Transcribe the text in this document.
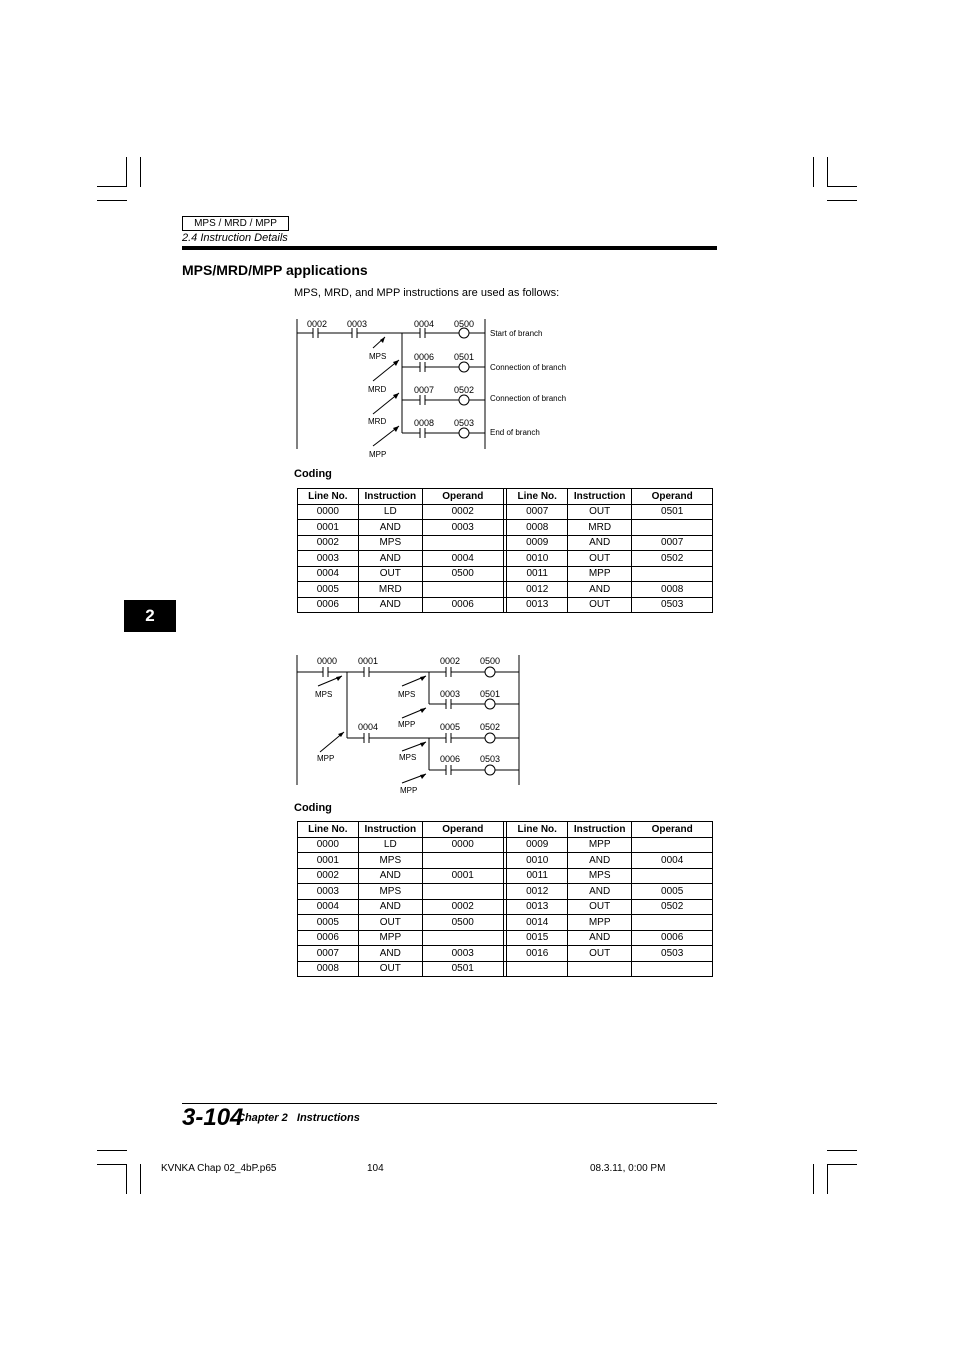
MPS / MRD / MPP
2.4 Instruction Details
MPS/MRD/MPP applications
MPS, MRD, and MPP instructions are used as follows:
2
0002 0003	0004 0500
0006 0501
0007 0502
0008 0503
MPS
MRD
MRD
MPP
Start of branch
Connection of branch
Connection of branch
End of branch
Coding
Line No.	Instruction	Operand		Line No.	Instruction	Operand
0000	LD	0002		0007	OUT	0501
0001	AND	0003		0008	MRD	
0002	MPS			0009	AND	0007
0003	AND	0004		0010	OUT	0502
0004	OUT	0500		0011	MPP	
0005	MRD			0012	AND	0008
0006	AND	0006		0013	OUT	0503
0000 0001	0002 0500
0003 0501
0004	0005 0502
0006 0503
MPS	MPS
MPP
MPP	MPS
MPP
Coding
Line No.	Instruction	Operand		Line No.	Instruction	Operand
0000	LD	0000		0009	MPP	
0001	MPS			0010	AND	0004
0002	AND	0001		0011	MPS	
0003	MPS			0012	AND	0005
0004	AND	0002		0013	OUT	0502
0005	OUT	0500		0014	MPP	
0006	MPP			0015	AND	0006
0007	AND	0003		0016	OUT	0503
0008	OUT	0501				
3-104
Chapter 2   Instructions
KVNKA Chap 02_4bP.p65	104	08.3.11, 0:00 PM
